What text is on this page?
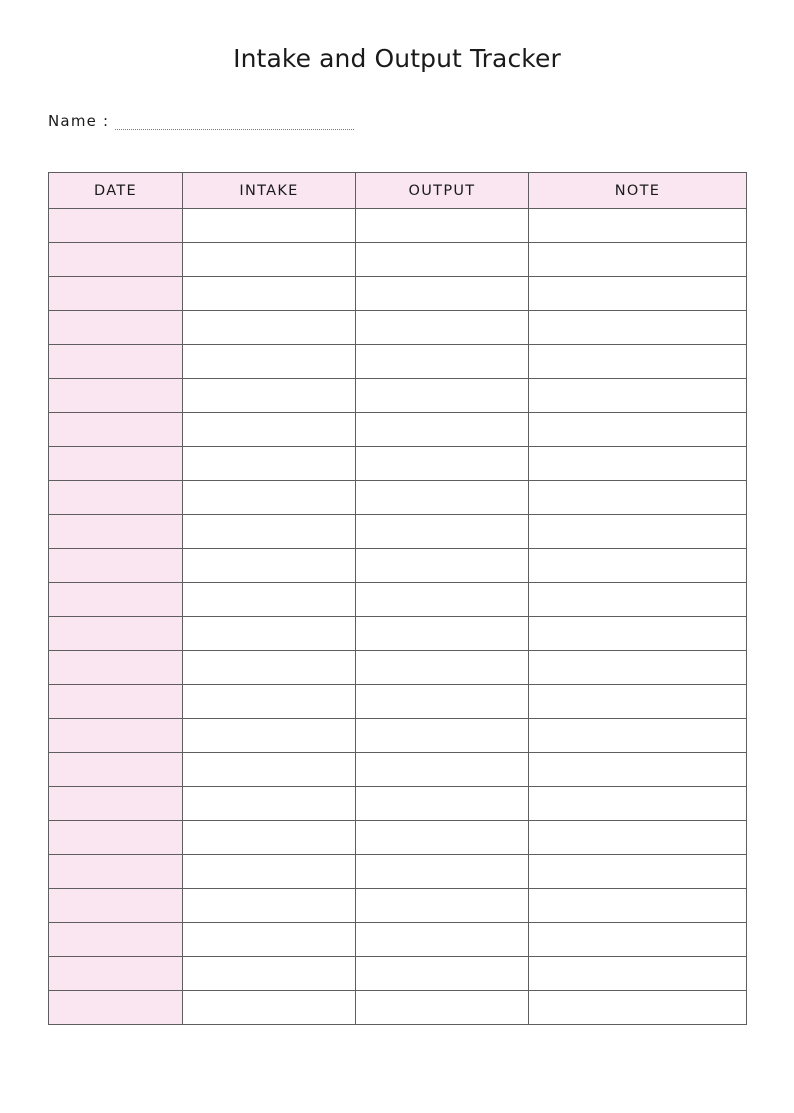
Intake and Output Tracker
Name :
DATE	INTAKE	OUTPUT	NOTE
